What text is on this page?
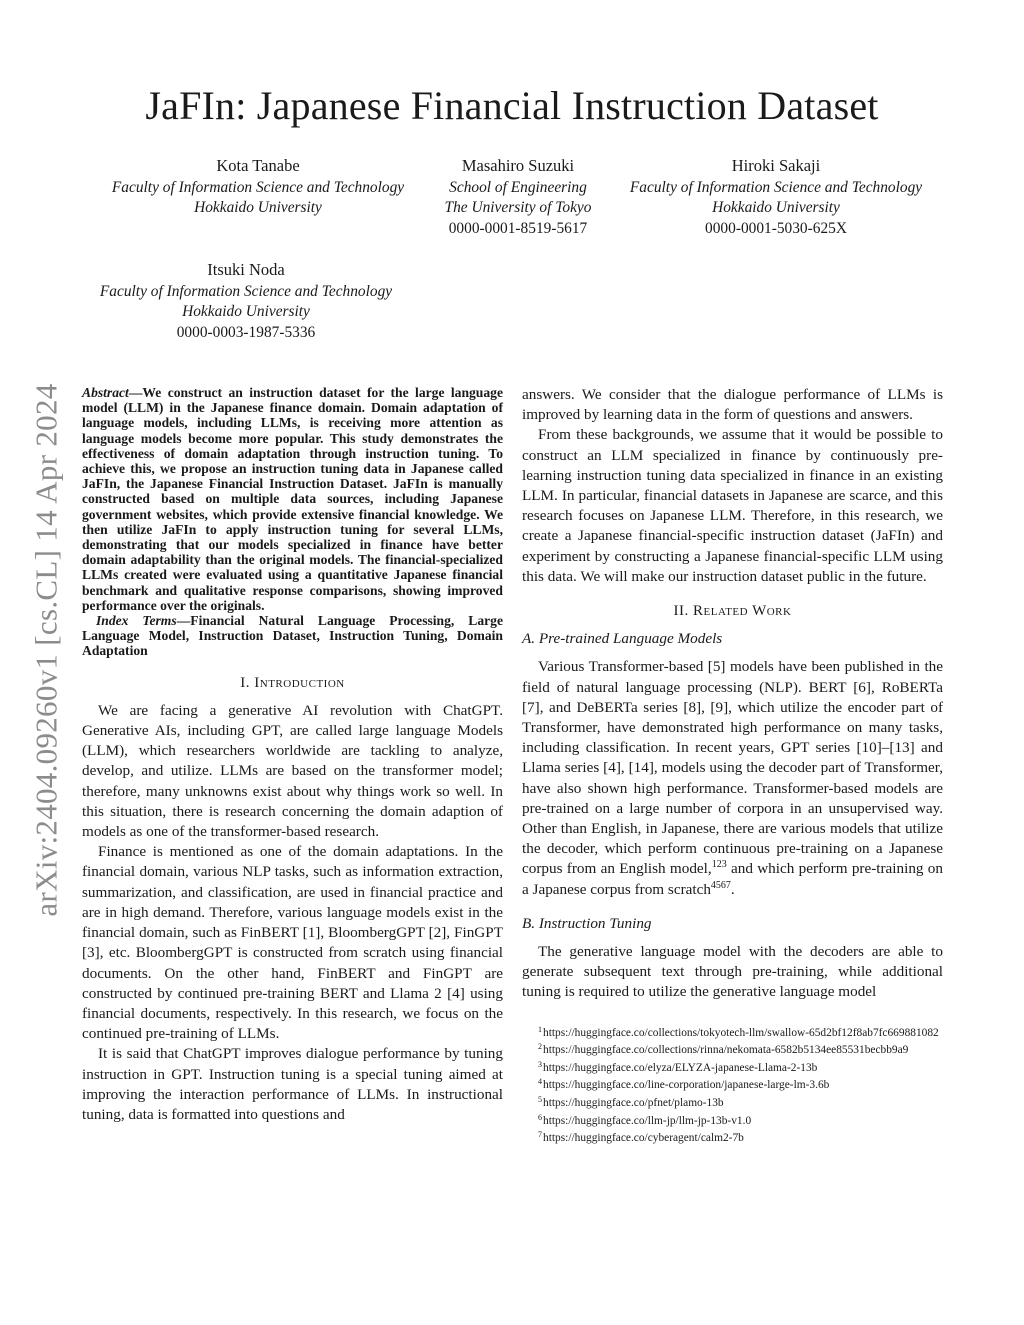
arXiv:2404.09260v1 [cs.CL] 14 Apr 2024
JaFIn: Japanese Financial Instruction Dataset
Kota Tanabe
Faculty of Information Science and Technology
Hokkaido University
Masahiro Suzuki
School of Engineering
The University of Tokyo
0000-0001-8519-5617
Hiroki Sakaji
Faculty of Information Science and Technology
Hokkaido University
0000-0001-5030-625X
Itsuki Noda
Faculty of Information Science and Technology
Hokkaido University
0000-0003-1987-5336

Abstract—We construct an instruction dataset for the large language model (LLM) in the Japanese finance domain. Domain adaptation of language models, including LLMs, is receiving more attention as language models become more popular. This study demonstrates the effectiveness of domain adaptation through instruction tuning. To achieve this, we propose an instruction tuning data in Japanese called JaFIn, the Japanese Financial Instruction Dataset. JaFIn is manually constructed based on multiple data sources, including Japanese government websites, which provide extensive financial knowledge. We then utilize JaFIn to apply instruction tuning for several LLMs, demonstrating that our models specialized in finance have better domain adaptability than the original models. The financial-specialized LLMs created were evaluated using a quantitative Japanese financial benchmark and qualitative response comparisons, showing improved performance over the originals.

Index Terms—Financial Natural Language Processing, Large Language Model, Instruction Dataset, Instruction Tuning, Domain Adaptation

I. Introduction

We are facing a generative AI revolution with ChatGPT. Generative AIs, including GPT, are called large language Models (LLM), which researchers worldwide are tackling to analyze, develop, and utilize. LLMs are based on the transformer model; therefore, many unknowns exist about why things work so well. In this situation, there is research concerning the domain adaption of models as one of the transformer-based research.

Finance is mentioned as one of the domain adaptations. In the financial domain, various NLP tasks, such as information extraction, summarization, and classification, are used in financial practice and are in high demand. Therefore, various language models exist in the financial domain, such as FinBERT [1], BloombergGPT [2], FinGPT [3], etc. BloombergGPT is constructed from scratch using financial documents. On the other hand, FinBERT and FinGPT are constructed by continued pre-training BERT and Llama 2 [4] using financial documents, respectively. In this research, we focus on the continued pre-training of LLMs.

It is said that ChatGPT improves dialogue performance by tuning instruction in GPT. Instruction tuning is a special tuning aimed at improving the interaction performance of LLMs. In instructional tuning, data is formatted into questions and

answers. We consider that the dialogue performance of LLMs is improved by learning data in the form of questions and answers.

From these backgrounds, we assume that it would be possible to construct an LLM specialized in finance by continuously pre-learning instruction tuning data specialized in finance in an existing LLM. In particular, financial datasets in Japanese are scarce, and this research focuses on Japanese LLM. Therefore, in this research, we create a Japanese financial-specific instruction dataset (JaFIn) and experiment by constructing a Japanese financial-specific LLM using this data. We will make our instruction dataset public in the future.

II. Related Work
A. Pre-trained Language Models

Various Transformer-based [5] models have been published in the field of natural language processing (NLP). BERT [6], RoBERTa [7], and DeBERTa series [8], [9], which utilize the encoder part of Transformer, have demonstrated high performance on many tasks, including classification. In recent years, GPT series [10]–[13] and Llama series [4], [14], models using the decoder part of Transformer, have also shown high performance. Transformer-based models are pre-trained on a large number of corpora in an unsupervised way. Other than English, in Japanese, there are various models that utilize the decoder, which perform continuous pre-training on a Japanese corpus from an English model,$^{123}$ and which perform pre-training on a Japanese corpus from scratch$^{4567}$.

B. Instruction Tuning

The generative language model with the decoders are able to generate subsequent text through pre-training, while additional tuning is required to utilize the generative language model

$^1$https://huggingface.co/collections/tokyotech-llm/swallow-65d2bf12f8ab7fc669881082
$^2$https://huggingface.co/collections/rinna/nekomata-6582b5134ee85531becbb9a9
$^3$https://huggingface.co/elyza/ELYZA-japanese-Llama-2-13b
$^4$https://huggingface.co/line-corporation/japanese-large-lm-3.6b
$^5$https://huggingface.co/pfnet/plamo-13b
$^6$https://huggingface.co/llm-jp/llm-jp-13b-v1.0
$^7$https://huggingface.co/cyberagent/calm2-7b
